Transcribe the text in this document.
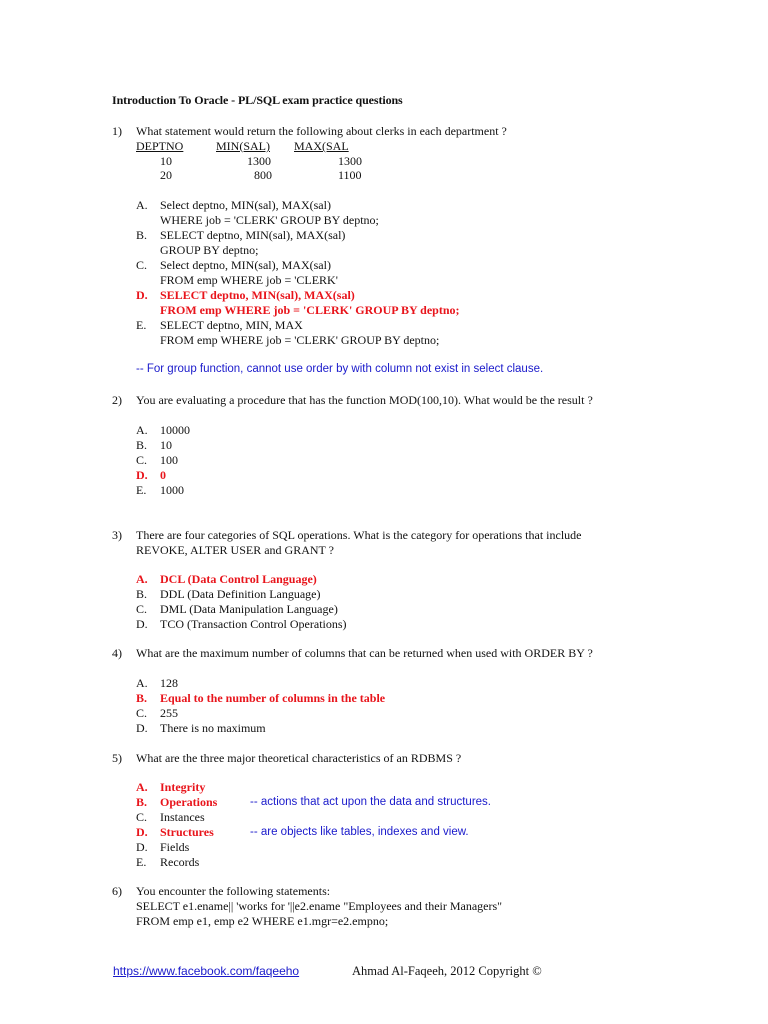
Introduction To Oracle - PL/SQL exam practice questions
1) What statement would return the following about clerks in each department ?
DEPTNO	MIN(SAL) MAX(SAL
10	1300	1300
20	800	1100
A. Select deptno, MIN(sal), MAX(sal)
WHERE job = 'CLERK' GROUP BY deptno;
B. SELECT deptno, MIN(sal), MAX(sal)
GROUP BY deptno;
C. Select deptno, MIN(sal), MAX(sal)
FROM emp WHERE job = 'CLERK'
D. SELECT deptno, MIN(sal), MAX(sal)
FROM emp WHERE job = 'CLERK' GROUP BY deptno;
E. SELECT deptno, MIN, MAX
FROM emp WHERE job = 'CLERK' GROUP BY deptno;
-- For group function, cannot use order by with column not exist in select clause.
2) You are evaluating a procedure that has the function MOD(100,10). What would be the result ?
A. 10000
B. 10
C. 100
D. 0
E. 1000
3) There are four categories of SQL operations. What is the category for operations that include
REVOKE, ALTER USER and GRANT ?
A. DCL (Data Control Language)
B. DDL (Data Definition Language)
C. DML (Data Manipulation Language)
D. TCO (Transaction Control Operations)
4) What are the maximum number of columns that can be returned when used with ORDER BY ?
A. 128
B. Equal to the number of columns in the table
C. 255
D. There is no maximum
5) What are the three major theoretical characteristics of an RDBMS ?
A. Integrity
B. Operations	-- actions that act upon the data and structures.
C. Instances
D. Structures	-- are objects like tables, indexes and view.
D. Fields
E. Records
6) You encounter the following statements:
SELECT e1.ename|| 'works for '||e2.ename "Employees and their Managers"
FROM emp e1, emp e2 WHERE e1.mgr=e2.empno;
https://www.facebook.com/faqeeho	Ahmad Al-Faqeeh, 2012 Copyright ©
